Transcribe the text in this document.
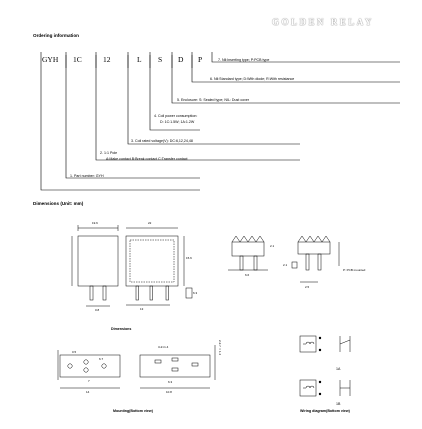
GOLDEN RELAY
Ordering information
GYH 1C	12	L S D P	7. Nil:Inserting type; P:PCB type
6. Nil:Standard type; D:With diode; R:With resistance
5. Enclosure: S: Sealed type; NIL: Dust cover
4. Coil power consumption:
D: 1C:1.5W; 1A:1.2W
3. Coil rated voltage(V): DC:6,12,24,48
2. 1:1 Pole
A:Make contact B:Break contact C:Transfer contact
1. Part number: GYH
Dimensions (Unit: mm)
19.6	22
15.6
0.8	13
6.3
2.1
6.6
2.1
2.5
P: PCB mounted
Dimensions
0.5
6.7
7
14
3-2×1.4	2-2.7×1.4
6.3
10.8
Mounting(Bottom view)
1A
1B
Wiring diagram(Bottom view)
